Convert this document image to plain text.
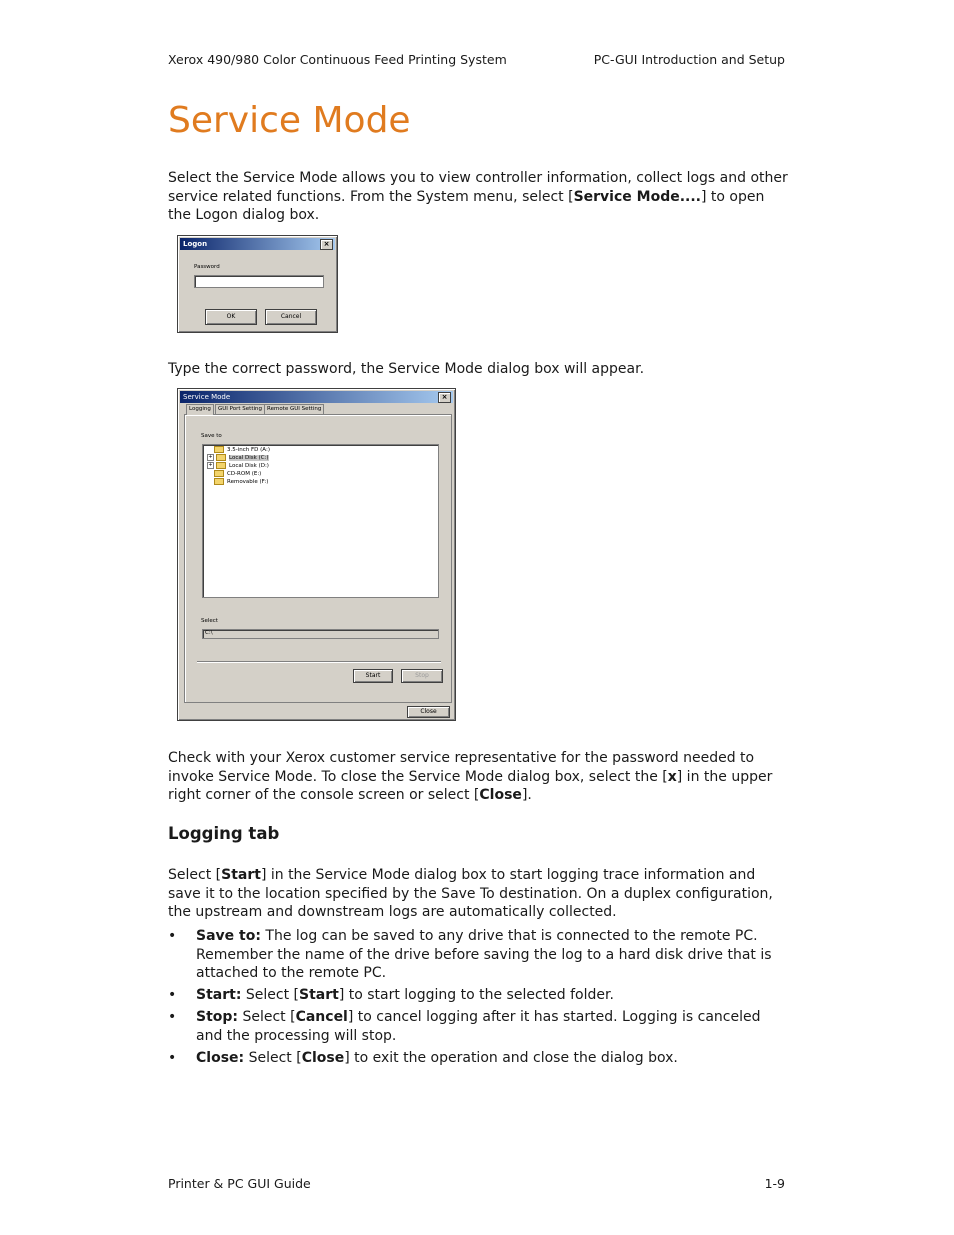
Xerox 490/980 Color Continuous Feed Printing System	PC-GUI Introduction and Setup
Service Mode
Select the Service Mode allows you to view controller information, collect logs and other service related functions. From the System menu, select [Service Mode....] to open the Logon dialog box.
Logon	×
Password
OK	Cancel
Type the correct password, the Service Mode dialog box will appear.
Service Mode	×
Logging	GUI Port Setting Remote GUI Setting
Save to
3.5-inch FD (A:)
+	Local Disk (C:)
+	Local Disk (D:)
CD-ROM (E:)
Removable (F:)
Select
C:\
Start	Stop
Close
Check with your Xerox customer service representative for the password needed to invoke Service Mode. To close the Service Mode dialog box, select the [x] in the upper right corner of the console screen or select [Close].
Logging tab
Select [Start] in the Service Mode dialog box to start logging trace information and save it to the location specified by the Save To destination. On a duplex configuration, the upstream and downstream logs are automatically collected.
• Save to: The log can be saved to any drive that is connected to the remote PC. Remember the name of the drive before saving the log to a hard disk drive that is attached to the remote PC.
• Start: Select [Start] to start logging to the selected folder.
• Stop: Select [Cancel] to cancel logging after it has started. Logging is canceled and the processing will stop.
• Close: Select [Close] to exit the operation and close the dialog box.
Printer & PC GUI Guide	1-9
